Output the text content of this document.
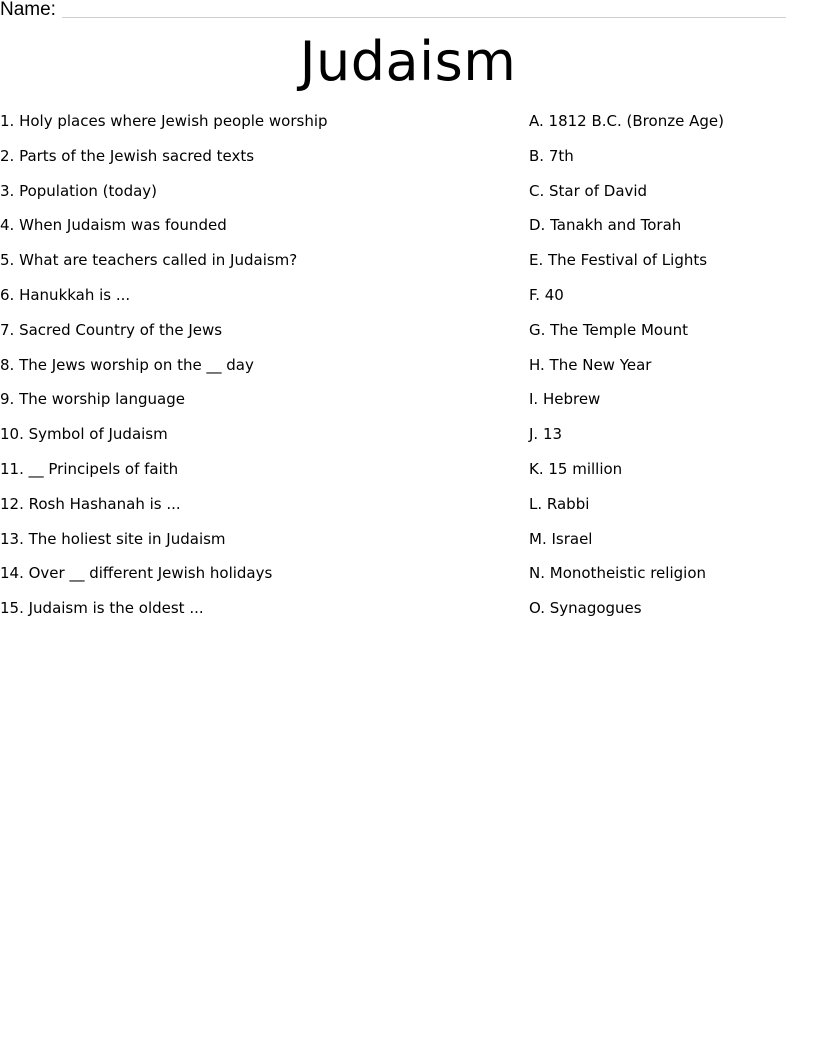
Name:
Judaism
1. Holy places where Jewish people worship
2. Parts of the Jewish sacred texts
3. Population (today)
4. When Judaism was founded
5. What are teachers called in Judaism?
6. Hanukkah is ...
7. Sacred Country of the Jews
8. The Jews worship on the __ day
9. The worship language
10. Symbol of Judaism
11. __ Principels of faith
12. Rosh Hashanah is ...
13. The holiest site in Judaism
14. Over __ different Jewish holidays
15. Judaism is the oldest ...
A. 1812 B.C. (Bronze Age)
B. 7th
C. Star of David
D. Tanakh and Torah
E. The Festival of Lights
F. 40
G. The Temple Mount
H. The New Year
I. Hebrew
J. 13
K. 15 million
L. Rabbi
M. Israel
N. Monotheistic religion
O. Synagogues
